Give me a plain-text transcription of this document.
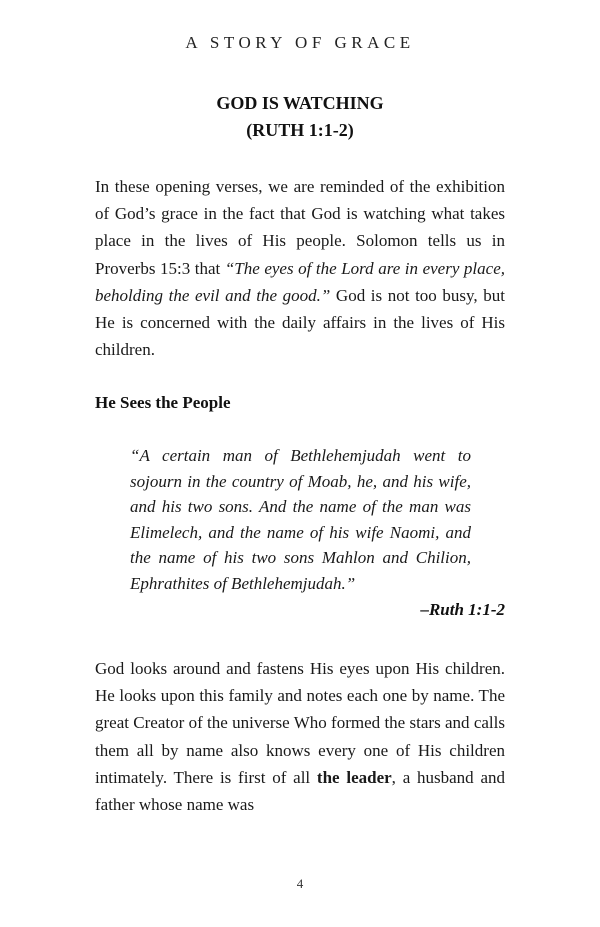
A STORY OF GRACE
GOD IS WATCHING
(RUTH 1:1-2)

In these opening verses, we are reminded of the exhibition of God’s grace in the fact that God is watching what takes place in the lives of His people. Solomon tells us in Proverbs 15:3 that “The eyes of the Lord are in every place, beholding the evil and the good.” God is not too busy, but He is concerned with the daily affairs in the lives of His children.

He Sees the People

“A certain man of Bethlehemjudah went to sojourn in the country of Moab, he, and his wife, and his two sons. And the name of the man was Elimelech, and the name of his wife Naomi, and the name of his two sons Mahlon and Chilion, Ephrathites of Bethlehemjudah.”

–Ruth 1:1-2

God looks around and fastens His eyes upon His children. He looks upon this family and notes each one by name. The great Creator of the universe Who formed the stars and calls them all by name also knows every one of His children intimately. There is first of all the leader, a husband and father whose name was

4
